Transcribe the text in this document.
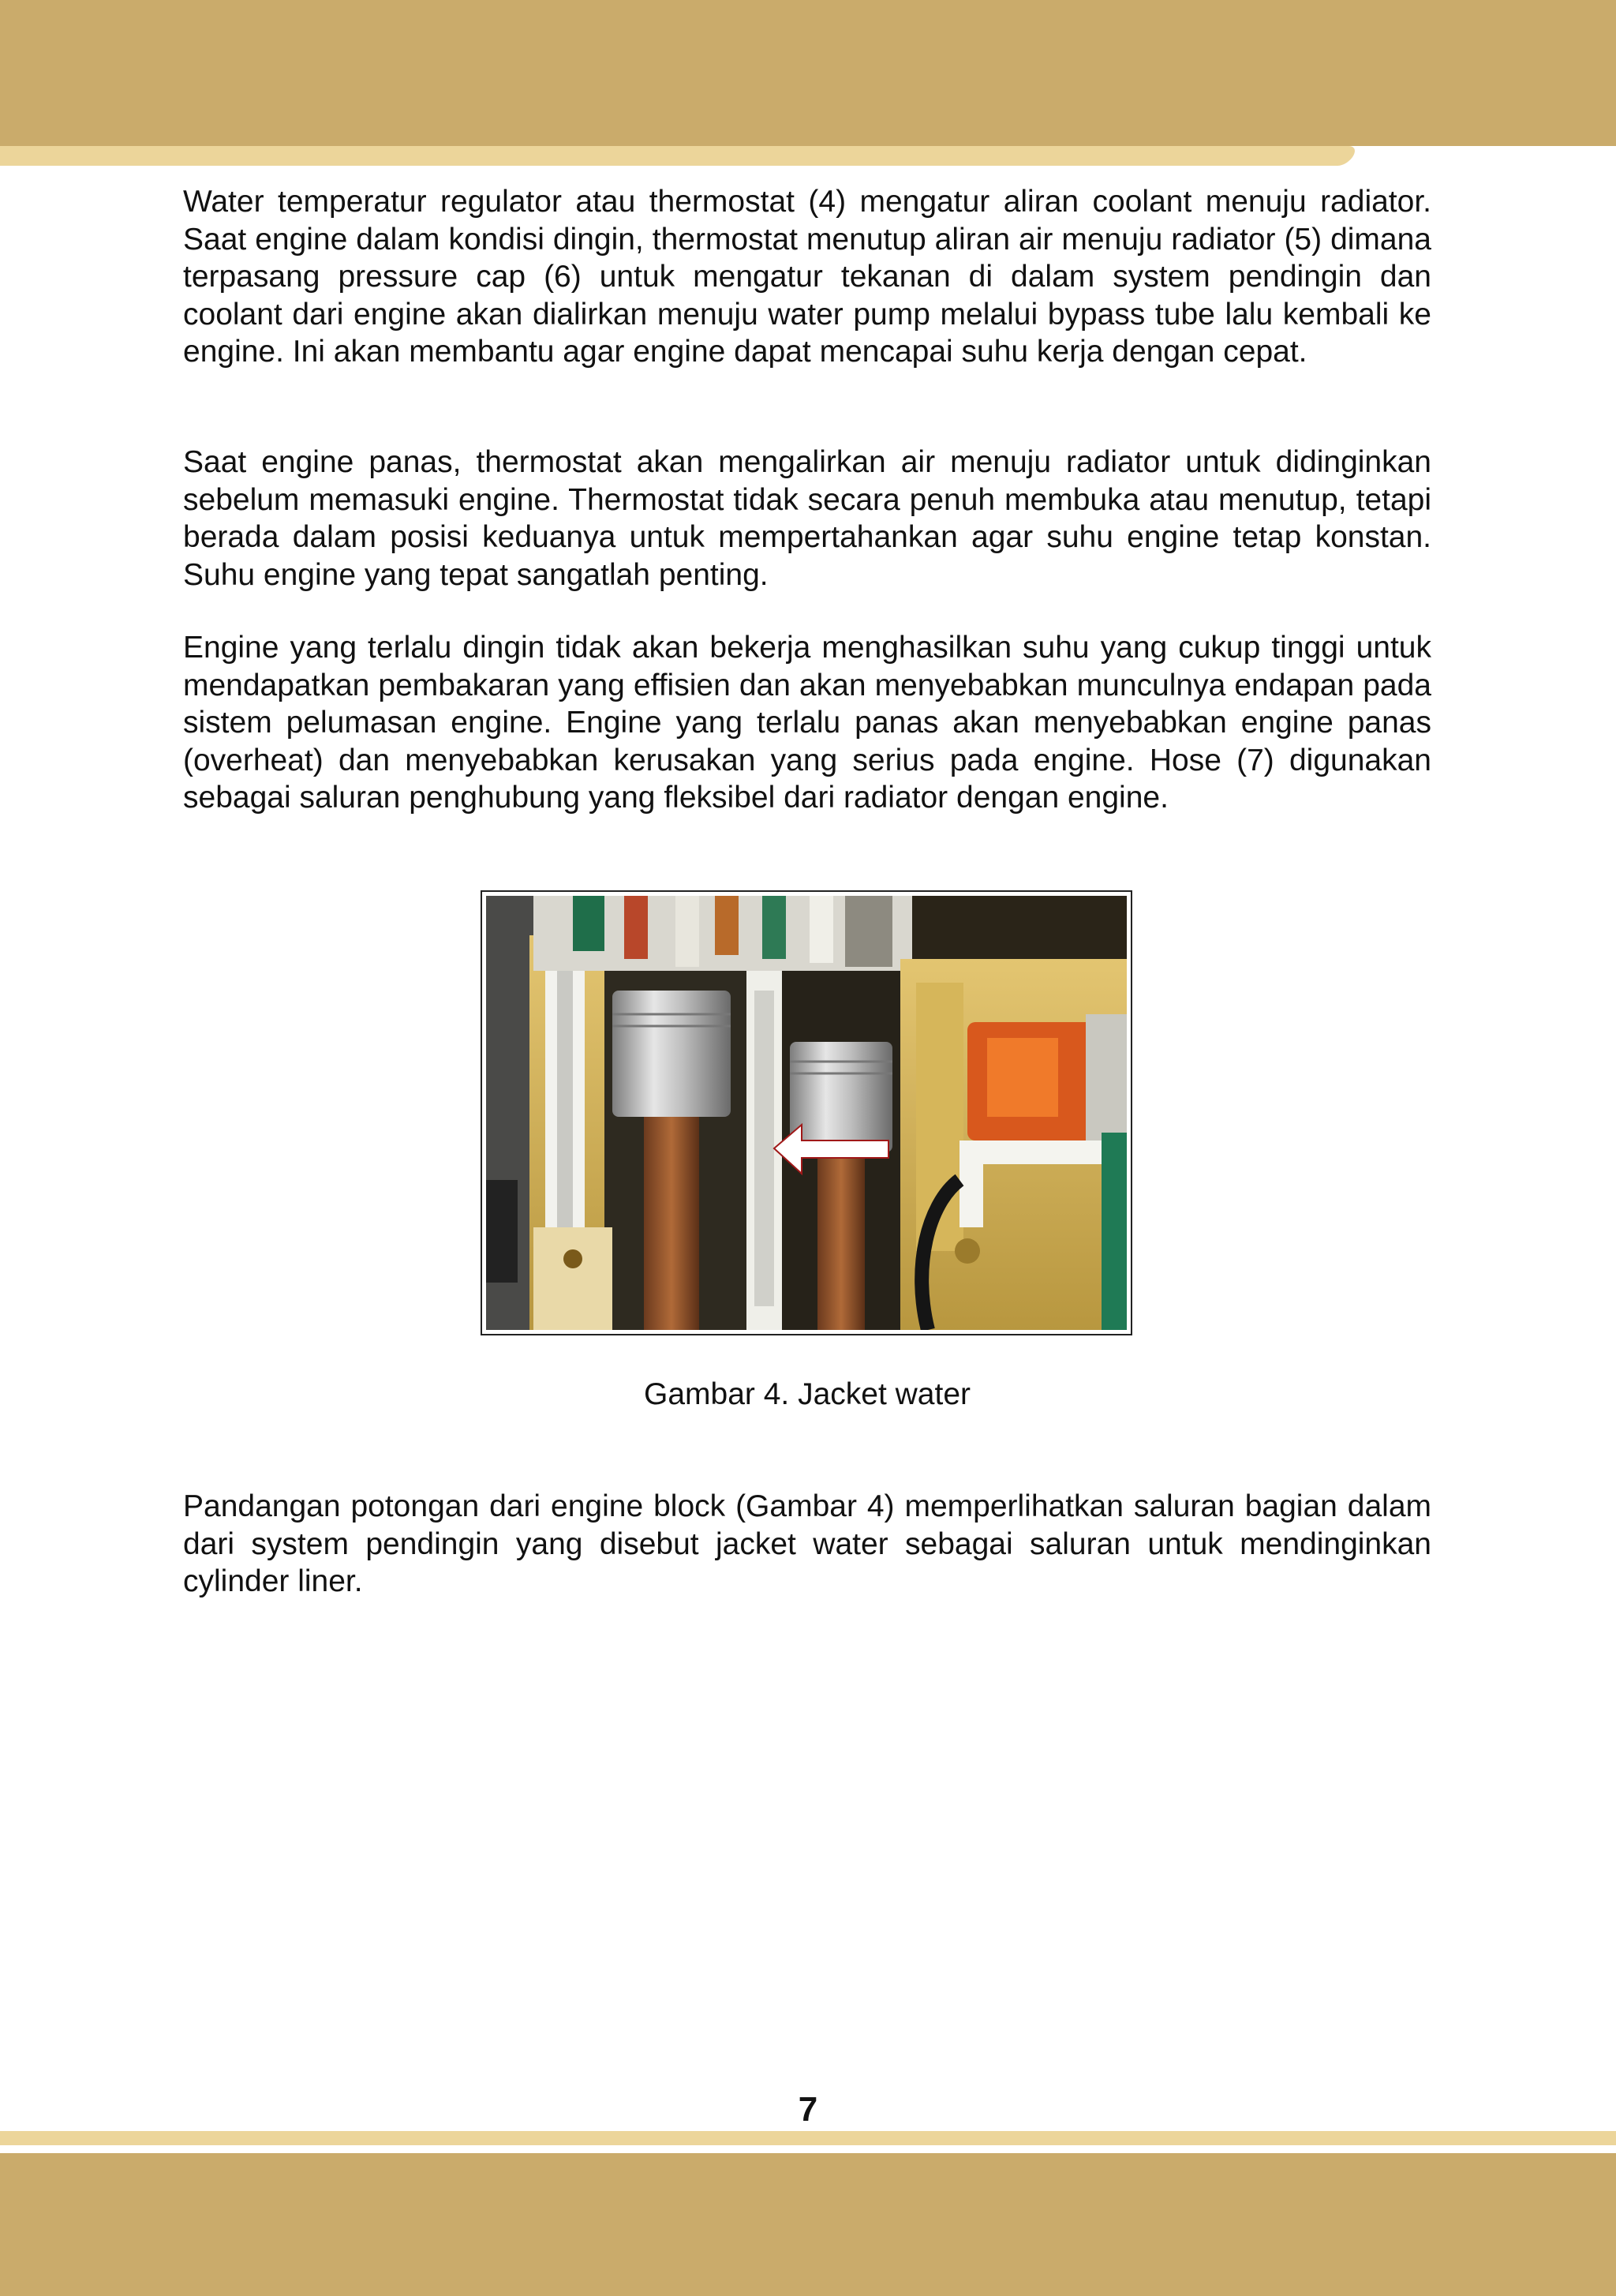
Water temperatur regulator atau thermostat (4) mengatur aliran coolant menuju radiator. Saat engine dalam kondisi dingin, thermostat menutup aliran air menuju radiator (5) dimana terpasang pressure cap (6) untuk mengatur tekanan di dalam system pendingin dan coolant dari engine akan dialirkan menuju water pump melalui bypass tube lalu kembali ke engine. Ini akan membantu agar engine dapat mencapai suhu kerja dengan cepat.

Saat engine panas, thermostat akan mengalirkan air menuju radiator untuk didinginkan sebelum memasuki engine. Thermostat tidak secara penuh membuka atau menutup, tetapi berada dalam posisi keduanya untuk mempertahankan agar suhu engine tetap konstan. Suhu engine yang tepat sangatlah penting.

Engine yang terlalu dingin tidak akan bekerja menghasilkan suhu yang cukup tinggi untuk mendapatkan pembakaran yang effisien dan akan menyebabkan munculnya endapan pada sistem pelumasan engine. Engine yang terlalu panas akan menyebabkan engine panas (overheat) dan menyebabkan kerusakan yang serius pada engine. Hose (7) digunakan sebagai saluran penghubung yang fleksibel dari radiator dengan engine.

Gambar 4. Jacket water

Pandangan potongan dari engine block (Gambar 4) memperlihatkan saluran bagian dalam dari system pendingin yang disebut jacket water sebagai saluran untuk mendinginkan cylinder liner.

7
